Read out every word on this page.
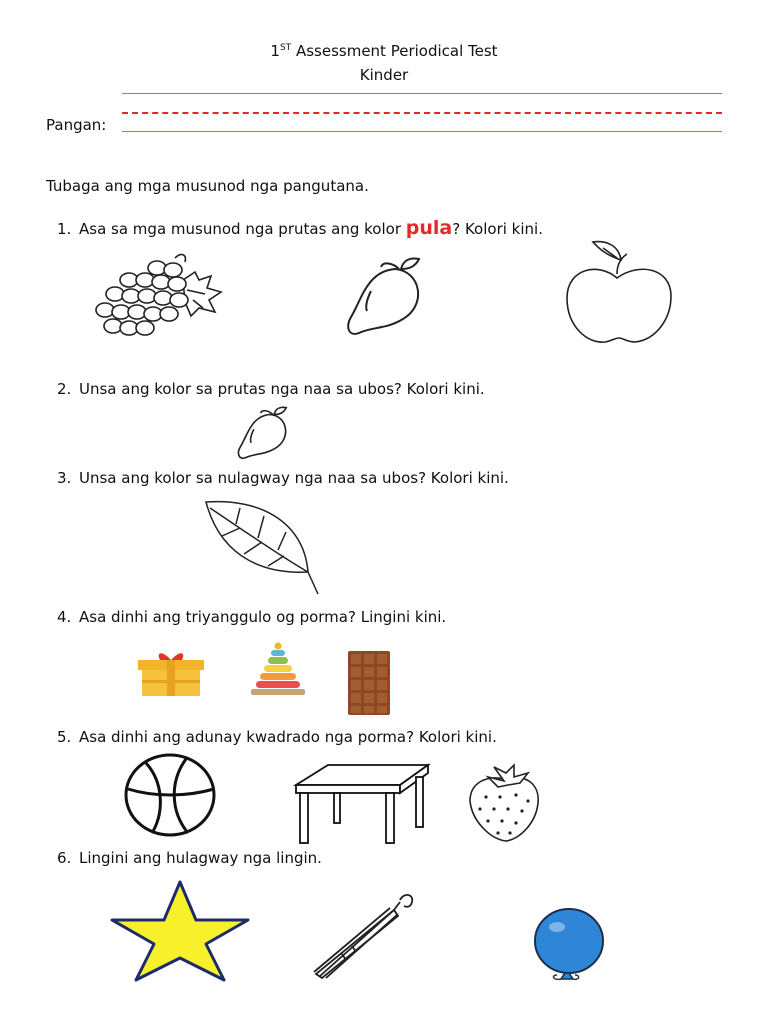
1ST Assessment Periodical Test
Kinder
Pangan:
Tubaga ang mga musunod nga pangutana.
1. Asa sa mga musunod nga prutas ang kolor pula? Kolori kini.
2. Unsa ang kolor sa prutas nga naa sa ubos? Kolori kini.
3. Unsa ang kolor sa nulagway nga naa sa ubos? Kolori kini.
4. Asa dinhi ang triyanggulo og porma? Lingini kini.
5. Asa dinhi ang adunay kwadrado nga porma? Kolori kini.
6. Lingini ang hulagway nga lingin.
